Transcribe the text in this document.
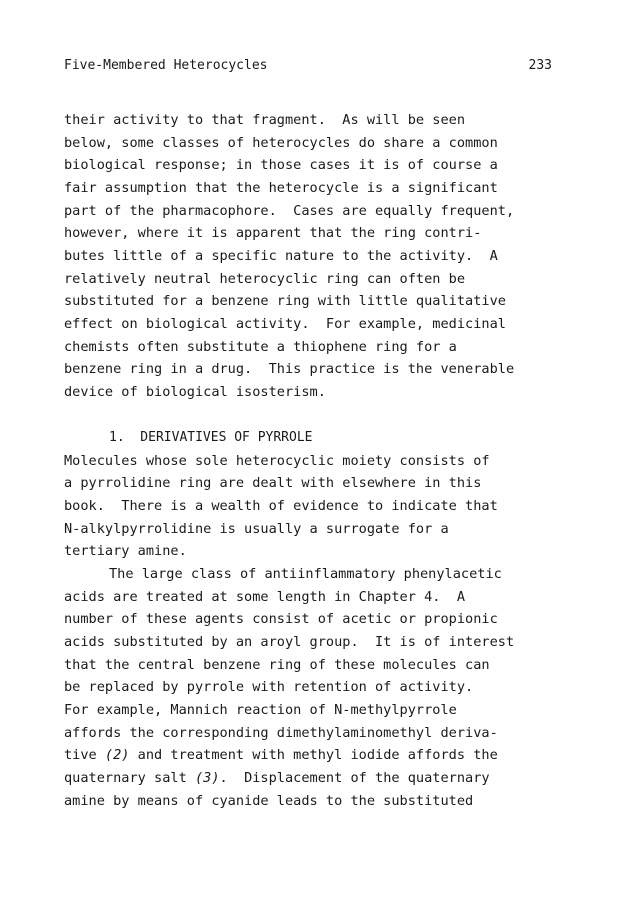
Five-Membered Heterocycles	233
their activity to that fragment.  As will be seen
below, some classes of heterocycles do share a common
biological response; in those cases it is of course a
fair assumption that the heterocycle is a significant
part of the pharmacophore.  Cases are equally frequent,
however, where it is apparent that the ring contri-
butes little of a specific nature to the activity.  A
relatively neutral heterocyclic ring can often be
substituted for a benzene ring with little qualitative
effect on biological activity.  For example, medicinal
chemists often substitute a thiophene ring for a
benzene ring in a drug.  This practice is the venerable
device of biological isosterism.
1.  DERIVATIVES OF PYRROLE
Molecules whose sole heterocyclic moiety consists of
a pyrrolidine ring are dealt with elsewhere in this
book.  There is a wealth of evidence to indicate that
N-alkylpyrrolidine is usually a surrogate for a
tertiary amine.
The large class of antiinflammatory phenylacetic
acids are treated at some length in Chapter 4.  A
number of these agents consist of acetic or propionic
acids substituted by an aroyl group.  It is of interest
that the central benzene ring of these molecules can
be replaced by pyrrole with retention of activity.
For example, Mannich reaction of N-methylpyrrole
affords the corresponding dimethylaminomethyl deriva-
tive (2) and treatment with methyl iodide affords the
quaternary salt (3).  Displacement of the quaternary
amine by means of cyanide leads to the substituted
